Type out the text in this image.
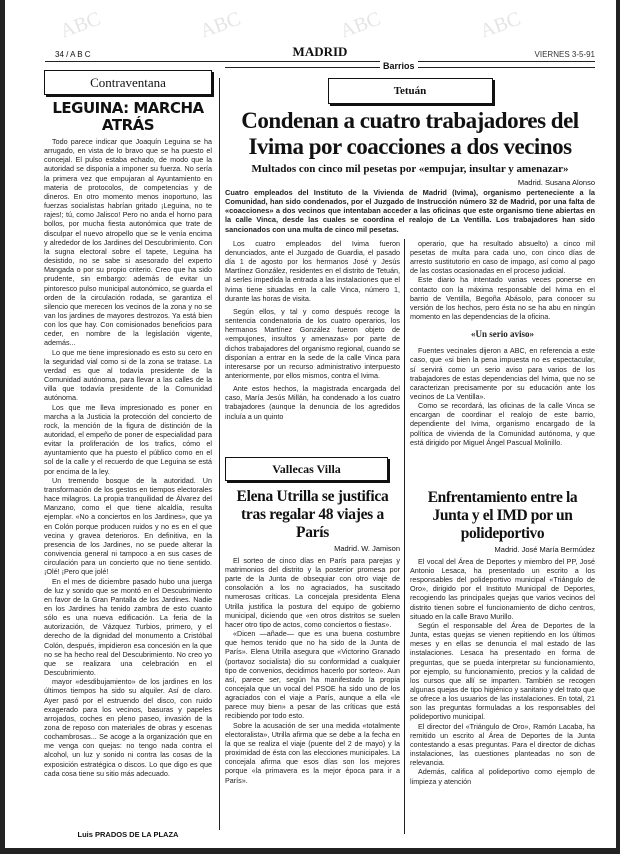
ABC	ABC	ABC	ABC
34 / A B C	MADRID	VIERNES 3-5-91
Contraventana
LEGUINA: MARCHA ATRÁS

Todo parece indicar que Joaquín Leguina se ha arrugado, en vista de lo bravo que se ha puesto el concejal. El pulso estaba echado, de modo que la autoridad se disponía a imponer su fuerza. No sería la primera vez que empujaran al Ayuntamiento en materia de protocolos, de competencias y de dineros. En otro momento menos inoportuno, las fuerzas socialistas habrían gritado ¡Leguina, no te rajes!; tú, como Jalisco! Pero no anda el horno para bollos, por mucha fiesta autonómica que trate de disculpar el nuevo atropello que se le venía encima y alrededor de los Jardines del Descubrimiento. Con la sugna electoral sobre el tapete, Leguina ha desistido, no se sabe si asesorado del experto Mangada o por su propio criterio. Creo que ha sido prudente, sin embargo: además de evitar un pintoresco pulso municipal autonómico, se guarda el orden de la circulación rodada, se garantiza el silencio que merecen los vecinos de la zona y no se van los jardines de mayores destrozos. Ya está bien con los que hay. Con comisionados beneficios para ceder, en nombre de la legislación vigente, además...

Lo que me tiene impresionado es esto su cero en la seguridad vial como si de la zona se tratase. La verdad es que al todavía presidente de la Comunidad autónoma, para llevar a las calles de la villa que todavía presidente de la Comunidad autónoma.

Los que me lleva impresionado es poner en marcha a la Justicia la protección del concierto de rock, la mención de la figura de distinción de la autoridad, el empeño de poner de especialidad para evitar la proliferación de los trafics, cómo el ayuntamiento que ha puesto el público como en el sol de la calle y el recuerdo de que Leguina se está por encima de la ley.

Un tremendo bosque de la autoridad. Un transformación de los gestos en tiempos electorales hace milagros. La propia tranquilidad de Álvarez del Manzano, como el que tiene alcaldía, resulta ejemplar. «No a conciertos en los Jardines», que ya en Colón porque producen ruidos y no es en el que vecina y gravea deterioros. En definitiva, en la presencia de los Jardines, no se puede alterar la convivencia general ni tampoco a en sus cases de circulación para un concierto que no tiene sentido. ¡Olé! ¡Pero que jolé!

En el mes de diciembre pasado hubo una juerga de luz y sonido que se montó en el Descubrimiento en favor de la Gran Pantalla de los Jardines. Nadie en los Jardines ha tenido zambra de esto cuanto sólo es una nueva edificación. La feria de la autorización, de Vázquez Turbios, primero, y el derecho de la dignidad del monumento a Cristóbal Colón, después, impidieron esa concesión en la que no se ha hecho real del Descubrimiento. No creo yo que se realizara una celebración en el Descubrimiento.

mayor «desdibujamiento» de los jardines en los últimos tiempos ha sido su alquiler. Así de claro. Ayer pasó por el estruendo del disco, con ruido exagerado para los vecinos, basuras y papeles arrojados, coches en pleno paseo, invasión de la zona de reposo con materiales de obras y escenas cochambrosas... Se acoge a la organización que en me venga con quejas: no tengo nada contra el alcohol, un luz y sonido ni contra las cosas de la exposición estratégica o discos. Lo que digo es que cada cosa tiene su sitio más adecuado.

Luis PRADOS DE LA PLAZA
Barrios
Tetuán
Condenan a cuatro trabajadores del Ivima por coacciones a dos vecinos
Multados con cinco mil pesetas por «empujar, insultar y amenazar»
Madrid. Susana Alonso
Cuatro empleados del Instituto de la Vivienda de Madrid (Ivima), organismo perteneciente a la Comunidad, han sido condenados, por el Juzgado de Instrucción número 32 de Madrid, por una falta de «coacciones» a dos vecinos que intentaban acceder a las oficinas que este organismo tiene abiertas en la calle Vinca, desde las cuales se coordina el realojo de La Ventilla. Los trabajadores han sido sancionados con una multa de cinco mil pesetas.

Los cuatro empleados del Ivima fueron denunciados, ante el Juzgado de Guardia, el pasado día 1 de agosto por los hermanos José y Jesús Martínez González, residentes en el distrito de Tetuán, al serles impedida la entrada a las instalaciones que el Ivima tiene situadas en la calle Vinca, número 1, durante las horas de visita.

Según ellos, y tal y como después recoge la sentencia condenatoria de los cuatro operarios, los hermanos Martínez González fueron objeto de «empujones, insultos y amenazas» por parte de dichos trabajadores del organismo regional, cuando se disponían a entrar en la sede de la calle Vinca para interesarse por un recurso administrativo interpuesto anteriormente, por ellos mismos, contra el Ivima.

Ante estos hechos, la magistrada encargada del caso, María Jesús Millán, ha condenado a los cuatro trabajadores (aunque la denuncia de los agredidos incluía a un quinto

Vallecas Villa
Elena Utrilla se justifica tras regalar 48 viajes a París
Madrid. W. Jamison

El sorteo de cinco días en París para parejas y matrimonios del distrito y la posterior promesa por parte de la Junta de obsequiar con otro viaje de consolación a los no agraciados, ha suscitado numerosas críticas. La concejala presidenta Elena Utrilla justifica la postura del equipo de gobierno municipal, diciendo que «en otros distritos se suelen hacer otro tipo de actos, como conciertos o fiestas».

«Dicen —añade— que es una buena costumbre que hemos tenido que no ha sido de la Junta de París». Elena Utrilla asegura que «Victorino Granado (portavoz socialista) dio su conformidad a cualquier tipo de convenios, decidimos hacerlo por sorteo». Aun así, parece ser, según ha manifestado la propia concejala que un vocal del PSOE ha sido uno de los agraciados con el viaje a París, aunque a ella «le parece muy bien» a pesar de las críticas que está recibiendo por todo esto.

Sobre la acusación de ser una medida «totalmente electoralista», Utrilla afirma que se debe a la fecha en la que se realiza el viaje (puente del 2 de mayo) y la proximidad de ésta con las elecciones municipales. La concejala afirma que esos días son los mejores porque «la primavera es la mejor época para ir a París».

operario, que ha resultado absuelto) a cinco mil pesetas de multa para cada uno, con cinco días de arresto sustitutorio en caso de impago, así como al pago de las costas ocasionadas en el proceso judicial.

Este diario ha intentado varias veces ponerse en contacto con la máxima responsable del Ivima en el barrio de Ventilla, Begoña Abásolo, para conocer su versión de los hechos, pero ésta no se ha abu en ningún momento en las dependencias de la oficina.

«Un serio aviso»

Fuentes vecinales dijeron a ABC, en referencia a este caso, que «si bien la pena impuesta no es espectacular, sí servirá como un serio aviso para varios de los trabajadores de estas dependencias del Ivima, que no se caracterizan precisamente por su educación ante los vecinos de La Ventilla».

Como se recordará, las oficinas de la calle Vinca se encargan de coordinar el realojo de este barrio, dependiente del Ivima, organismo encargado de la política de vivienda de la Comunidad autónoma, y que está dirigido por Miguel Ángel Pascual Molinillo.

Enfrentamiento entre la Junta y el IMD por un polideportivo
Madrid. José María Bermúdez

El vocal del Área de Deportes y miembro del PP, José Antonio Lesaca, ha presentado un escrito a los responsables del polideportivo municipal «Triángulo de Oro», dirigido por el Instituto Municipal de Deportes, recogiendo las principales quejas que varios vecinos del distrito tienen sobre el funcionamiento de dicho centros, situado en la calle Bravo Murillo.

Según el responsable del Área de Deportes de la Junta, estas quejas se vienen repitiendo en los últimos meses y en ellas se denuncia el mal estado de las instalaciones. Lesaca ha presentado en forma de preguntas, que se pueda interpretar su funcionamiento, por ejemplo, su funcionamiento, precios y la calidad de los cursos que allí se imparten. También se recogen algunas quejas de tipo higiénico y sanitario y del trato que se ofrece a los usuarios de las instalaciones. En total, 21 son las preguntas formuladas a los responsables del polideportivo municipal.

El director del «Triángulo de Oro», Ramón Lacaba, ha remitido un escrito al Área de Deportes de la Junta contestando a esas preguntas. Para el director de dichas instalaciones, las cuestiones planteadas no son de relevancia.

Además, califica al polideportivo como ejemplo de limpieza y atención
